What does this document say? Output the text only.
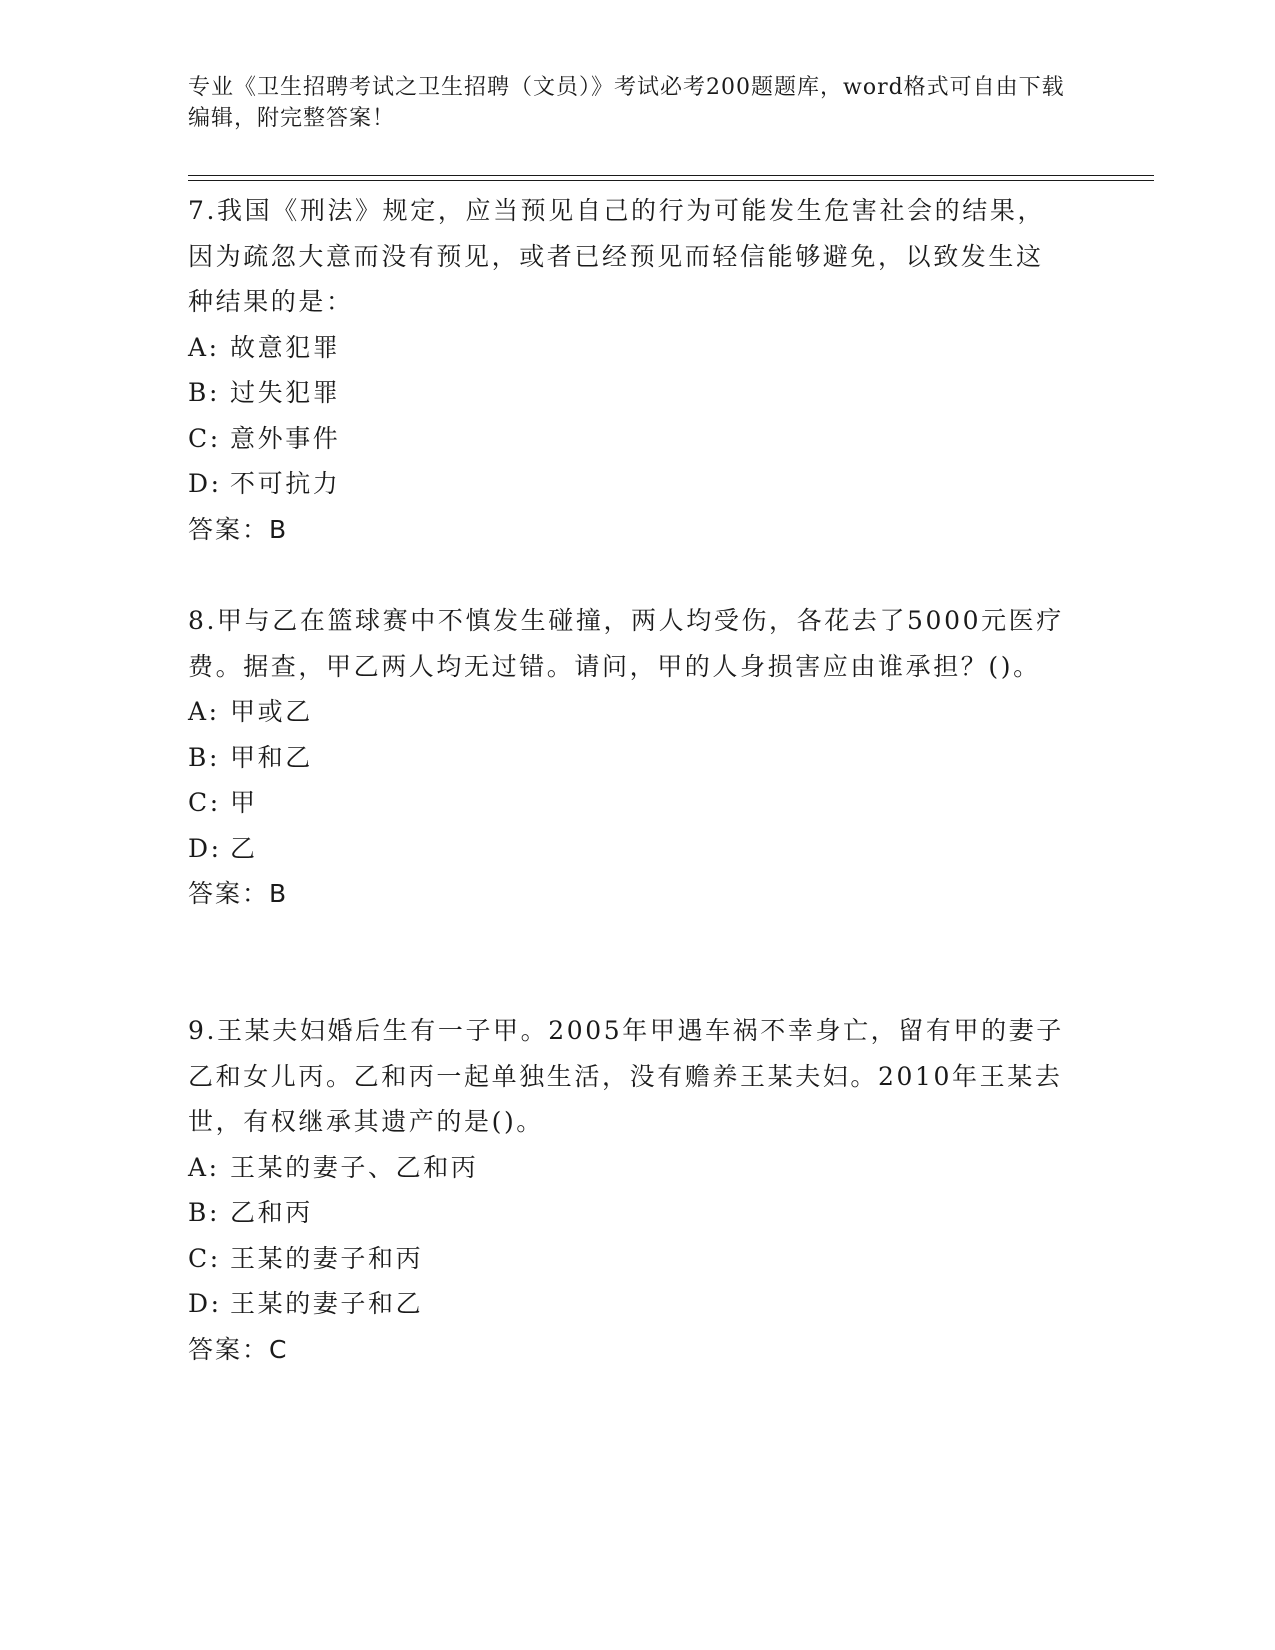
专业《卫生招聘考试之卫生招聘（文员）》考试必考200题题库，word格式可自由下载编辑，附完整答案！

7.我国《刑法》规定，应当预见自己的行为可能发生危害社会的结果，因为疏忽大意而没有预见，或者已经预见而轻信能够避免，以致发生这种结果的是：

A: 故意犯罪
B: 过失犯罪
C: 意外事件
D: 不可抗力

答案：B

8.甲与乙在篮球赛中不慎发生碰撞，两人均受伤，各花去了5000元医疗费。据查，甲乙两人均无过错。请问，甲的人身损害应由谁承担？()。

A: 甲或乙
B: 甲和乙
C: 甲
D: 乙

答案：B

9.王某夫妇婚后生有一子甲。2005年甲遇车祸不幸身亡，留有甲的妻子乙和女儿丙。乙和丙一起单独生活，没有赡养王某夫妇。2010年王某去世，有权继承其遗产的是()。

A: 王某的妻子、乙和丙
B: 乙和丙
C: 王某的妻子和丙
D: 王某的妻子和乙

答案：C
